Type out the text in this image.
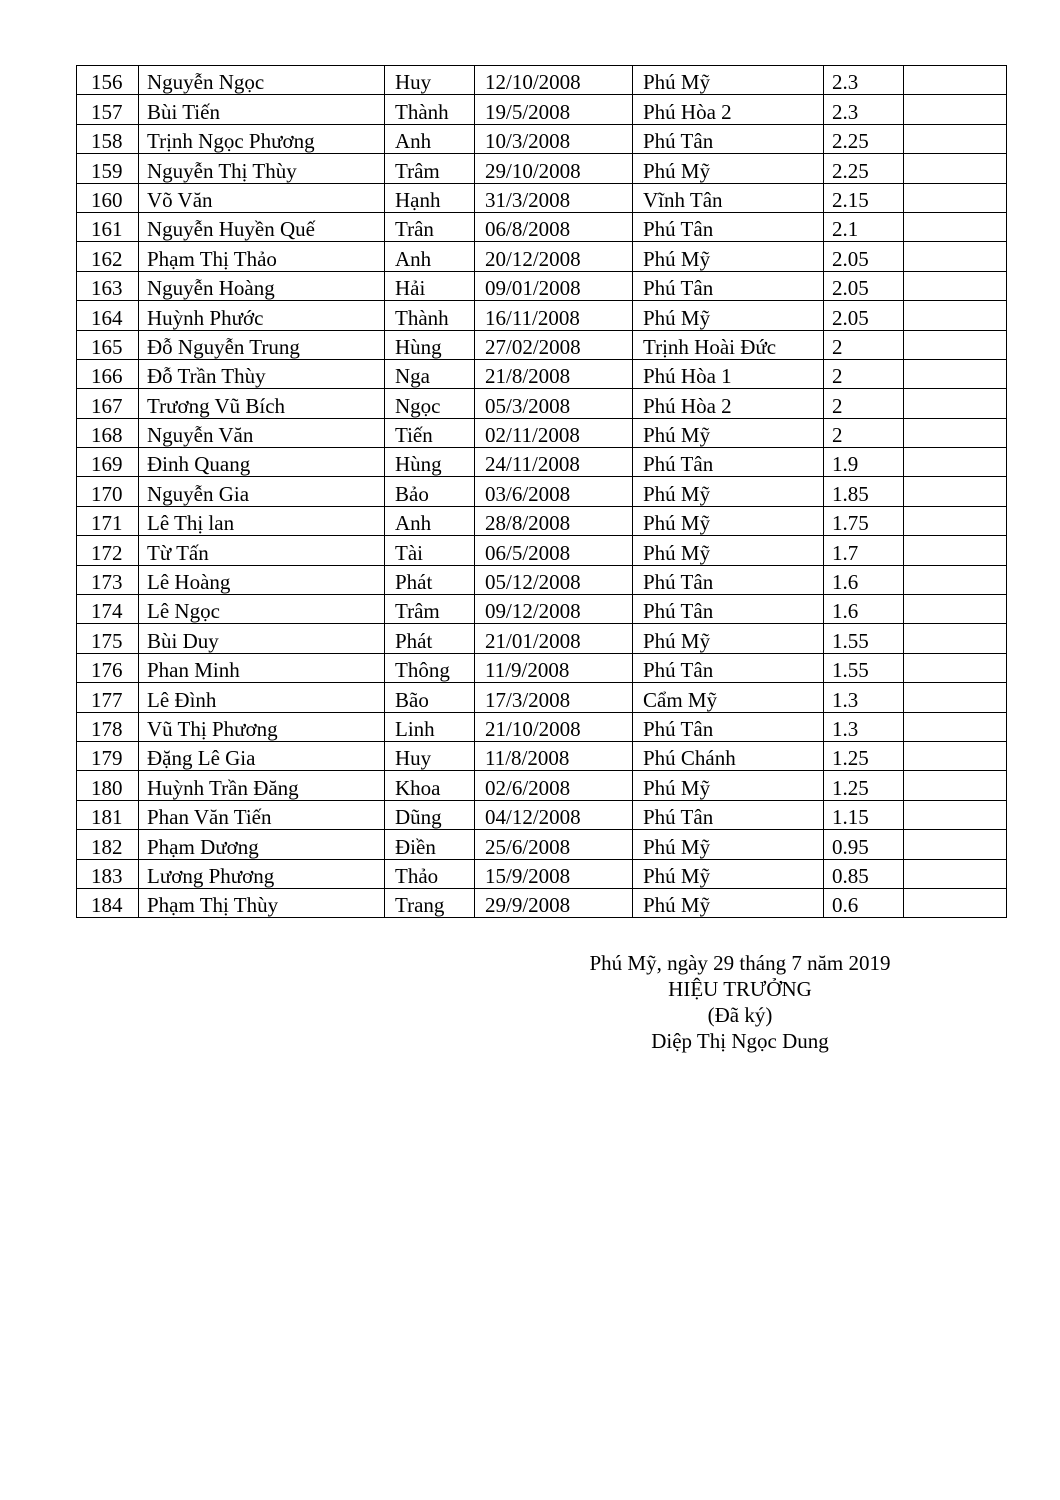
156	Nguyễn Ngọc	Huy	12/10/2008	Phú Mỹ	2.3	
157	Bùi Tiến	Thành	19/5/2008	Phú Hòa 2	2.3	
158	Trịnh Ngọc Phương	Anh	10/3/2008	Phú Tân	2.25	
159	Nguyễn Thị Thùy	Trâm	29/10/2008	Phú Mỹ	2.25	
160	Võ Văn	Hạnh	31/3/2008	Vĩnh Tân	2.15	
161	Nguyễn Huyền Quế	Trân	06/8/2008	Phú Tân	2.1	
162	Phạm Thị Thảo	Anh	20/12/2008	Phú Mỹ	2.05	
163	Nguyễn Hoàng	Hải	09/01/2008	Phú Tân	2.05	
164	Huỳnh Phước	Thành	16/11/2008	Phú Mỹ	2.05	
165	Đỗ Nguyễn Trung	Hùng	27/02/2008	Trịnh Hoài Đức	2	
166	Đỗ Trần Thùy	Nga	21/8/2008	Phú Hòa 1	2	
167	Trương Vũ Bích	Ngọc	05/3/2008	Phú Hòa 2	2	
168	Nguyễn Văn	Tiến	02/11/2008	Phú Mỹ	2	
169	Đinh Quang	Hùng	24/11/2008	Phú Tân	1.9	
170	Nguyễn Gia	Bảo	03/6/2008	Phú Mỹ	1.85	
171	Lê Thị lan	Anh	28/8/2008	Phú Mỹ	1.75	
172	Từ Tấn	Tài	06/5/2008	Phú Mỹ	1.7	
173	Lê Hoàng	Phát	05/12/2008	Phú Tân	1.6	
174	Lê Ngọc	Trâm	09/12/2008	Phú Tân	1.6	
175	Bùi Duy	Phát	21/01/2008	Phú Mỹ	1.55	
176	Phan Minh	Thông	11/9/2008	Phú Tân	1.55	
177	Lê Đình	Bão	17/3/2008	Cẩm Mỹ	1.3	
178	Vũ Thị Phương	Linh	21/10/2008	Phú Tân	1.3	
179	Đặng Lê Gia	Huy	11/8/2008	Phú Chánh	1.25	
180	Huỳnh Trần Đăng	Khoa	02/6/2008	Phú Mỹ	1.25	
181	Phan Văn Tiến	Dũng	04/12/2008	Phú Tân	1.15	
182	Phạm Dương	Điền	25/6/2008	Phú Mỹ	0.95	
183	Lương Phương	Thảo	15/9/2008	Phú Mỹ	0.85	
184	Phạm Thị Thùy	Trang	29/9/2008	Phú Mỹ	0.6	
Phú Mỹ, ngày 29 tháng 7 năm 2019
HIỆU TRƯỞNG
(Đã ký)
Diệp Thị Ngọc Dung
